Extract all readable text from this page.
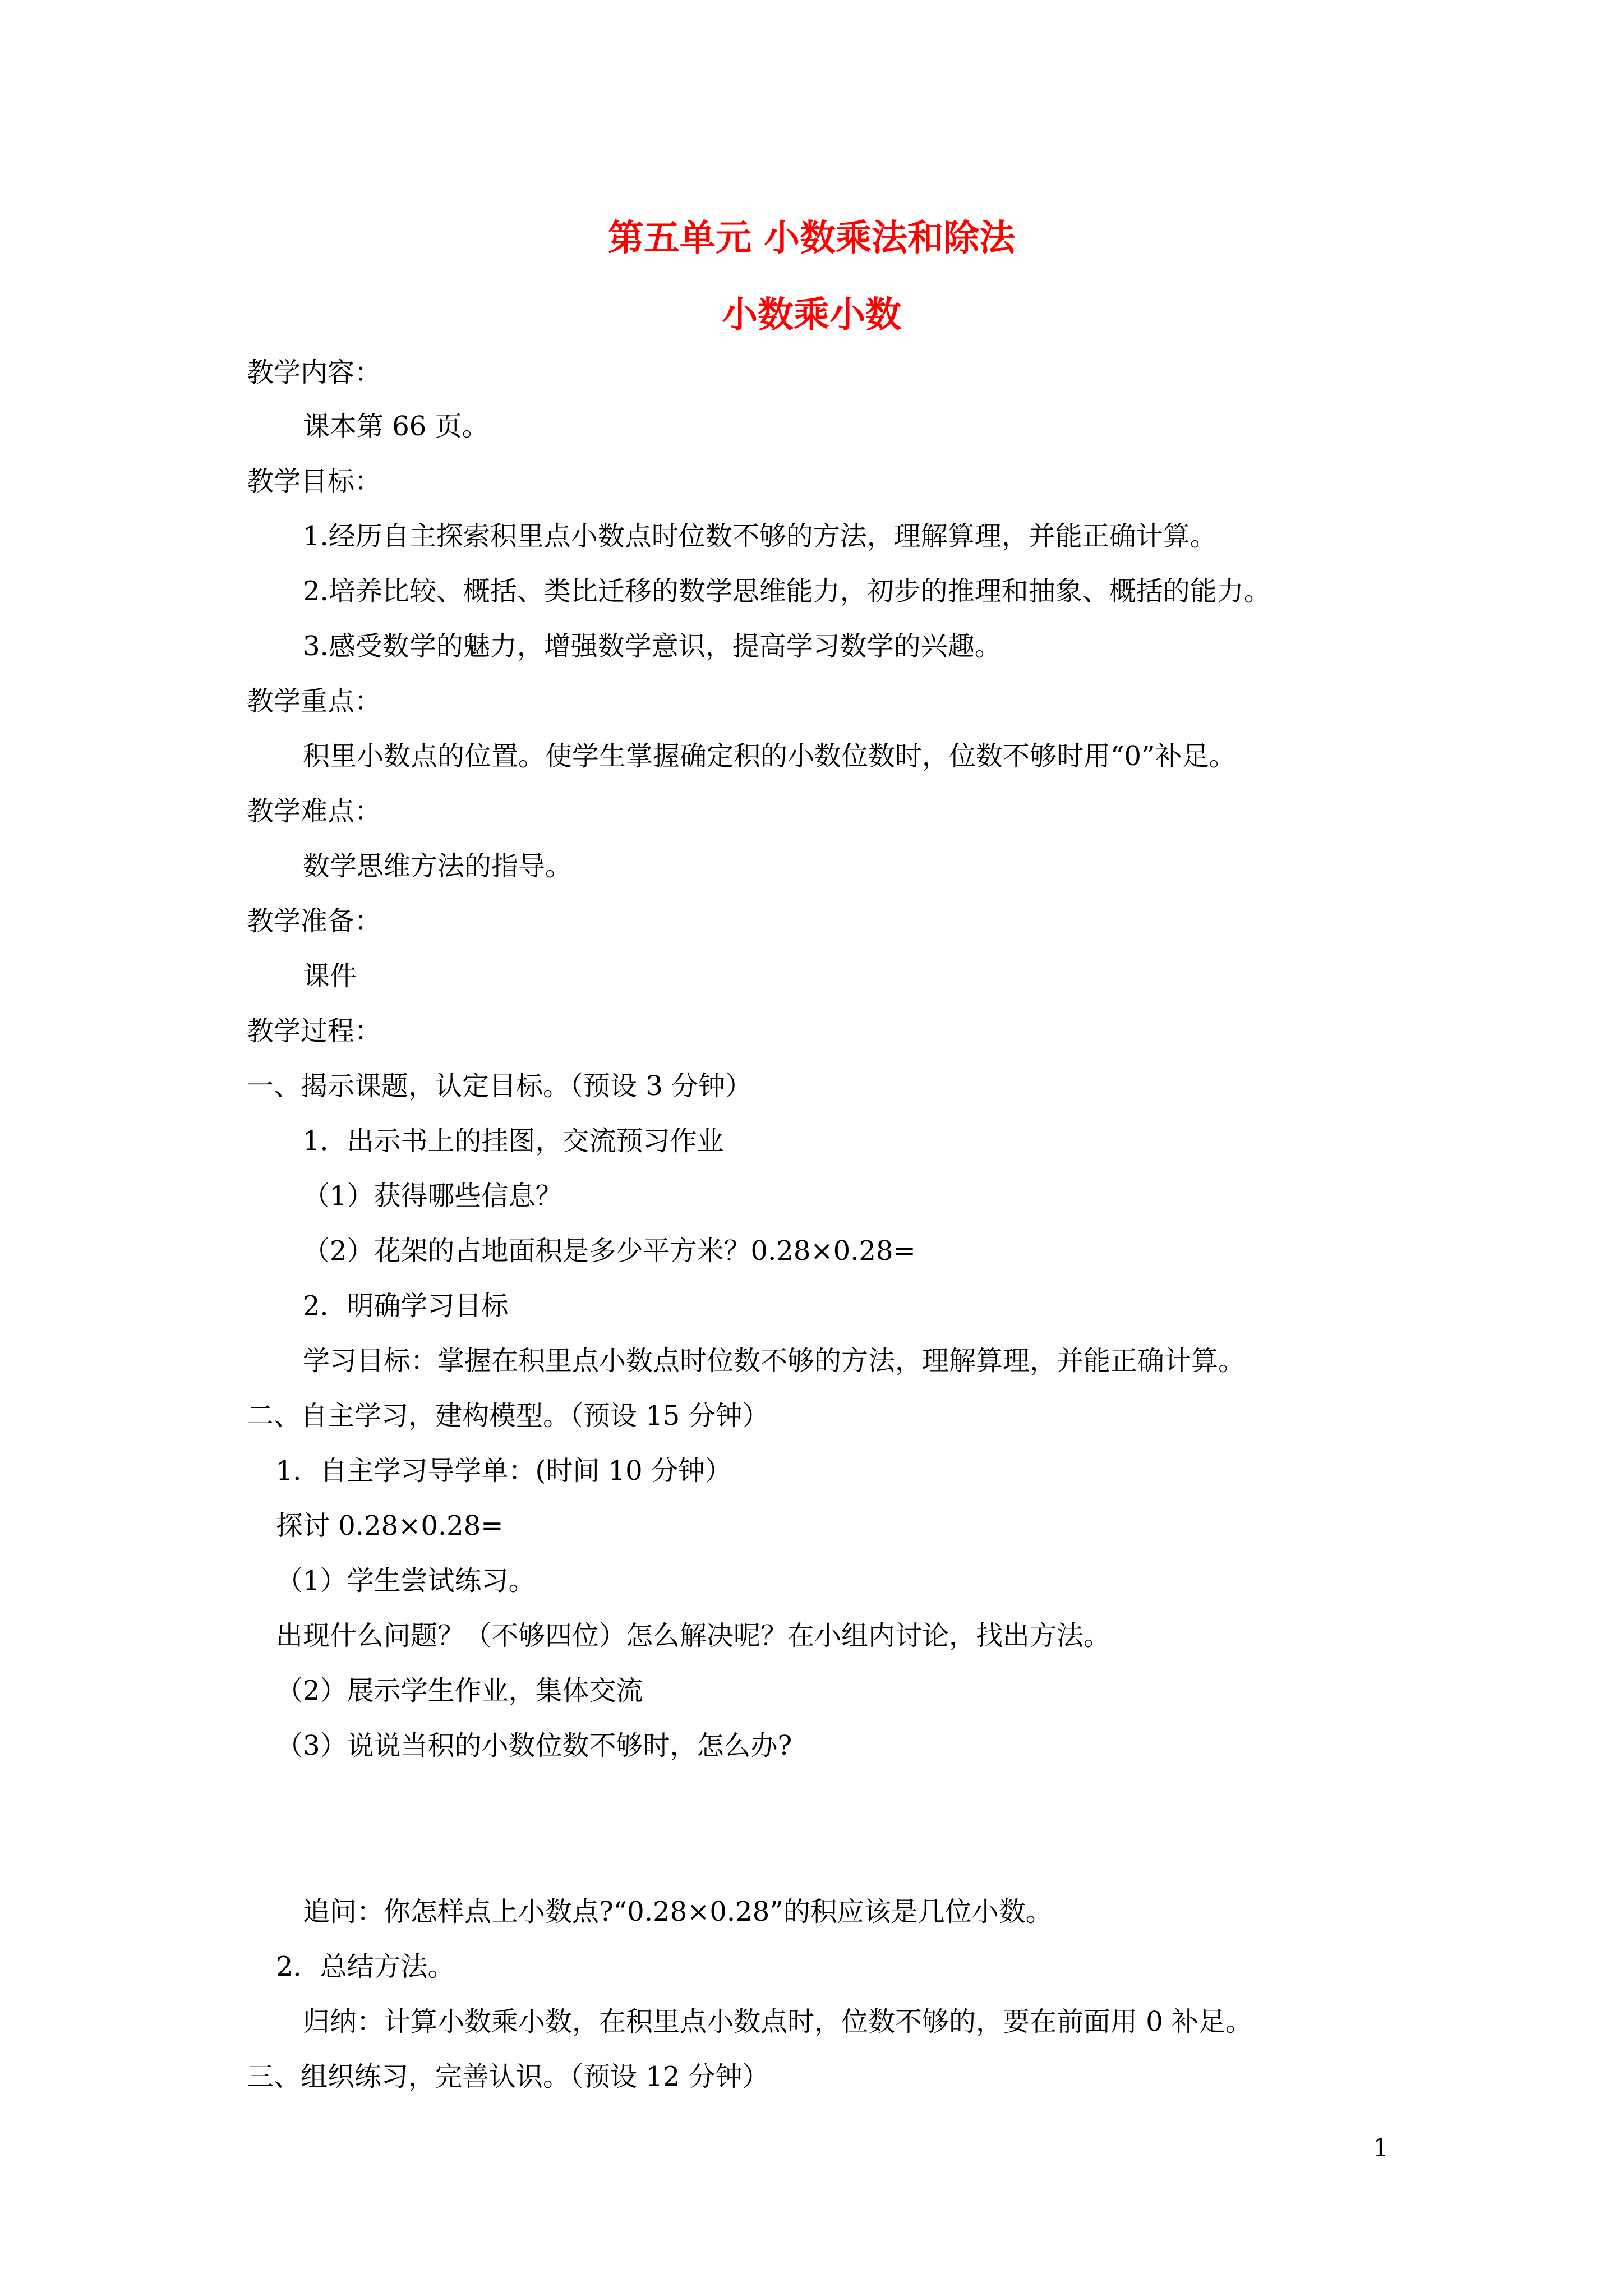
第五单元 小数乘法和除法
小数乘小数
教学内容：
课本第 66 页。
教学目标：
1.经历自主探索积里点小数点时位数不够的方法，理解算理，并能正确计算。
2.培养比较、概括、类比迁移的数学思维能力，初步的推理和抽象、概括的能力。
3.感受数学的魅力，增强数学意识，提高学习数学的兴趣。
教学重点：
积里小数点的位置。使学生掌握确定积的小数位数时，位数不够时用“0”补足。
教学难点：
数学思维方法的指导。
教学准备：
课件
教学过程：
一、揭示课题，认定目标。（预设 3 分钟）
1．出示书上的挂图，交流预习作业
（1）获得哪些信息？
（2）花架的占地面积是多少平方米？0.28×0.28=
2．明确学习目标
学习目标：掌握在积里点小数点时位数不够的方法，理解算理，并能正确计算。
二、自主学习，建构模型。（预设 15 分钟）
1．自主学习导学单：(时间 10 分钟）
探讨 0.28×0.28=
（1）学生尝试练习。
出现什么问题？（不够四位）怎么解决呢？在小组内讨论，找出方法。
（2）展示学生作业，集体交流
（3）说说当积的小数位数不够时，怎么办?
追问：你怎样点上小数点?“0.28×0.28”的积应该是几位小数。
2．总结方法。
归纳：计算小数乘小数，在积里点小数点时，位数不够的，要在前面用 0 补足。
三、组织练习，完善认识。（预设 12 分钟）
1
